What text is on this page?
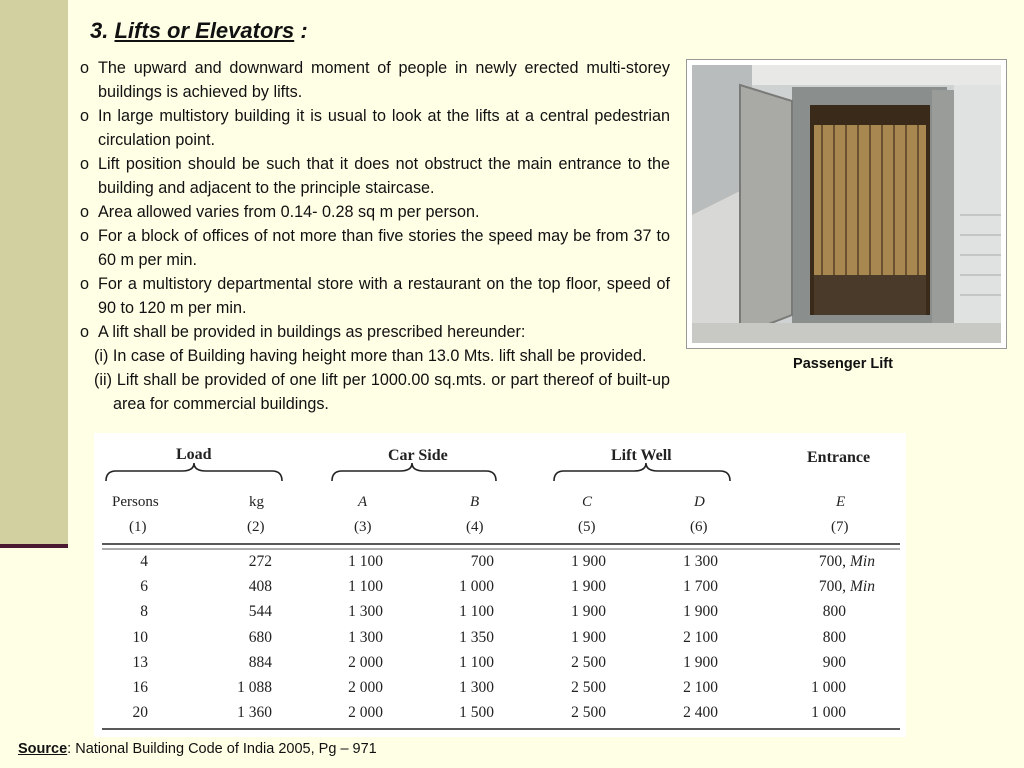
3. Lifts or Elevators :
o The upward and downward moment of people in newly erected multi-storey buildings is achieved by lifts.
o In large multistory building it is usual to look at the lifts at a central pedestrian circulation point.
o Lift position should be such that it does not obstruct the main entrance to the building and adjacent to the principle staircase.
o Area allowed varies from 0.14- 0.28 sq m per person.
o For a block of offices of not more than five stories the speed may be from 37 to 60 m per min.
o For a multistory departmental store with a restaurant on the top floor, speed of 90 to 120 m per min.
o A lift shall be provided in buildings as prescribed hereunder:
(i) In case of Building having height more than 13.0 Mts. lift shall be provided.
(ii) Lift shall be provided of one lift per 1000.00 sq.mts. or part thereof of built-up area for commercial buildings.
Passenger Lift
Load	Car Side	Lift Well	Entrance
Persons	kg	A	B	C	D	E
(1)	(2)	(3)	(4)	(5)	(6)	(7)
4	272	1 100	700	1 900	1 300	700, Min
6	408	1 100	1 000	1 900	1 700	700, Min
8	544	1 300	1 100	1 900	1 900	800
10	680	1 300	1 350	1 900	2 100	800
13	884	2 000	1 100	2 500	1 900	900
16	1 088	2 000	1 300	2 500	2 100	1 000
20	1 360	2 000	1 500	2 500	2 400	1 000
Source: National Building Code of India 2005, Pg – 971
